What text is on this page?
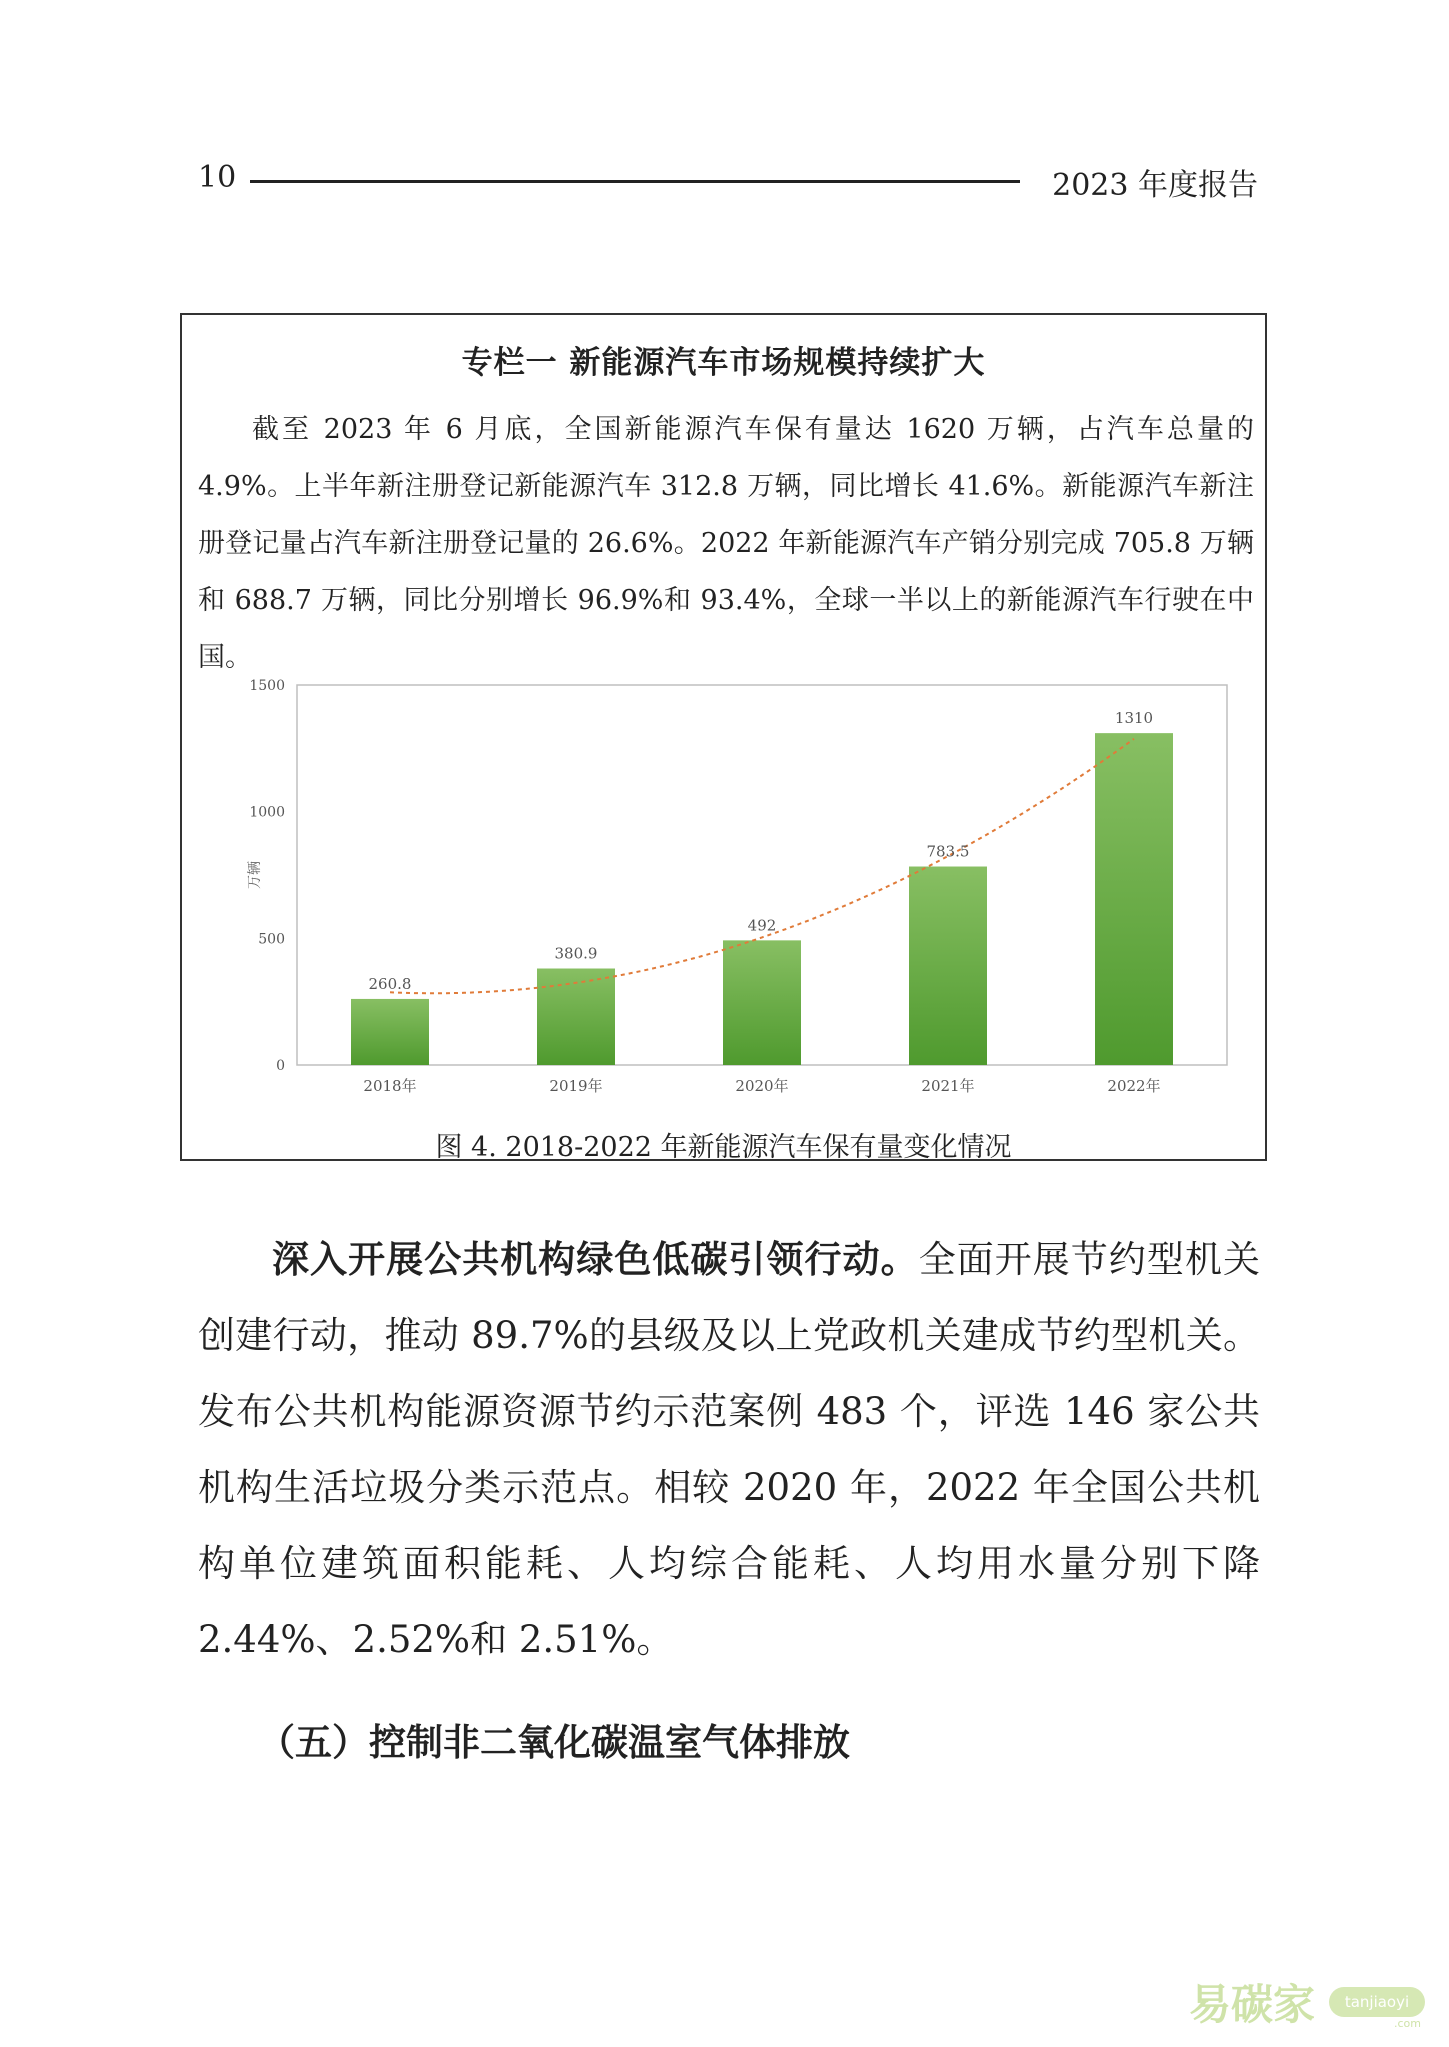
10	2023 年度报告
专栏一 新能源汽车市场规模持续扩大

截至 2023 年 6 月底，全国新能源汽车保有量达 1620 万辆，占汽车总量的 4.9%。上半年新注册登记新能源汽车 312.8 万辆，同比增长 41.6%。新能源汽车新注册登记量占汽车新注册登记量的 26.6%。2022 年新能源汽车产销分别完成 705.8 万辆和 688.7 万辆，同比分别增长 96.9%和 93.4%，全球一半以上的新能源汽车行驶在中国。

万辆
0
500
1000
1500
260.8
380.9
492
783.5
1310
2018年	2019年	2020年	2021年	2022年
图 4. 2018-2022 年新能源汽车保有量变化情况

深入开展公共机构绿色低碳引领行动。全面开展节约型机关创建行动，推动 89.7%的县级及以上党政机关建成节约型机关。发布公共机构能源资源节约示范案例 483 个，评选 146 家公共机构生活垃圾分类示范点。相较 2020 年，2022 年全国公共机构单位建筑面积能耗、人均综合能耗、人均用水量分别下降 2.44%、2.52%和 2.51%。

（五）控制非二氧化碳温室气体排放
易碳家 tanjiaoyi
.com
